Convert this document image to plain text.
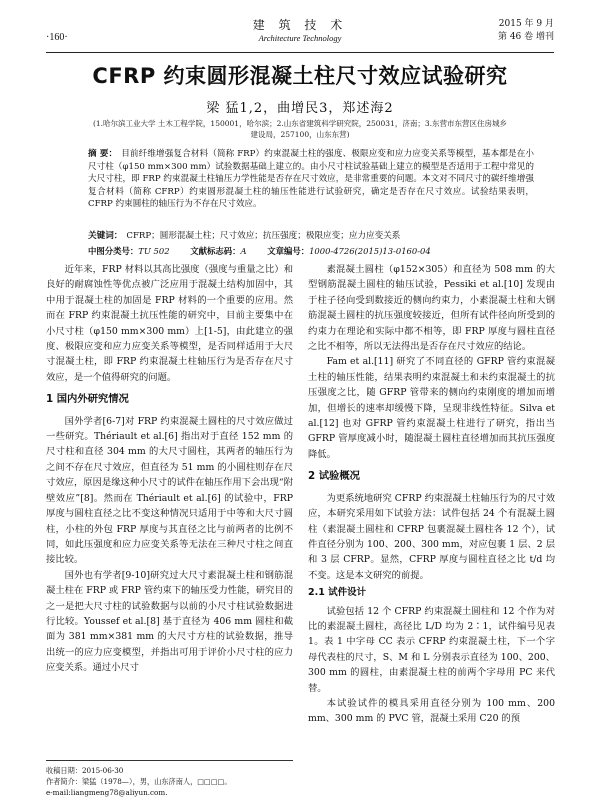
·160·
建 筑 技 术
Architecture Technology
2015 年 9 月
第 46 卷 增刊
CFRP 约束圆形混凝土柱尺寸效应试验研究
梁 猛1,2，曲增民3，郑述海2
(1.哈尔滨工业大学 土木工程学院，150001，哈尔滨；2.山东省建筑科学研究院，250031，济南；3.东营市东营区住房城乡建设局，257100，山东东营)
摘 要： 目前纤维增强复合材料（简称 FRP）约束混凝土柱的强度、极限应变和应力应变关系等模型，基本都是在小尺寸柱（φ150 mm×300 mm）试验数据基础上建立的。由小尺寸柱试验基础上建立的模型是否适用于工程中常见的大尺寸柱，即 FRP 约束混凝土柱轴压力学性能是否存在尺寸效应，是非常重要的问题。本文对不同尺寸的碳纤维增强复合材料（简称 CFRP）约束圆形混凝土柱的轴压性能进行试验研究，确定是否存在尺寸效应。试验结果表明，CFRP 约束圆柱的轴压行为不存在尺寸效应。
关键词： CFRP；圆形混凝土柱；尺寸效应；抗压强度；极限应变；应力应变关系
中图分类号：TU 502 文献标志码：A 文章编号：1000-4726(2015)13-0160-04

近年来，FRP 材料以其高比强度（强度与重量之比）和良好的耐腐蚀性等优点被广泛应用于混凝土结构加固中，其中用于混凝土柱的加固是 FRP 材料的一个重要的应用。然而在 FRP 约束混凝土抗压性能的研究中，目前主要集中在小尺寸柱（φ150 mm×300 mm）上[1-5]，由此建立的强度、极限应变和应力应变关系等模型，是否同样适用于大尺寸混凝土柱，即 FRP 约束混凝土柱轴压行为是否存在尺寸效应，是一个值得研究的问题。

1 国内外研究情况

国外学者[6-7]对 FRP 约束混凝土圆柱的尺寸效应做过一些研究。Thériault et al.[6] 指出对于直径 152 mm 的尺寸柱和直径 304 mm 的大尺寸圆柱，其两者的轴压行为之间不存在尺寸效应，但直径为 51 mm 的小圆柱则存在尺寸效应，原因是缘这种小尺寸的试件在轴压作用下会出现“附壁效应”[8]。然而在 Thériault et al.[6] 的试验中，FRP 厚度与圆柱直径之比不变这种情况只适用于中等和大尺寸圆柱，小柱的外包 FRP 厚度与其直径之比与前两者的比例不同，如此压强度和应力应变关系等无法在三种尺寸柱之间直接比较。

国外也有学者[9-10]研究过大尺寸素混凝土柱和钢筋混凝土柱在 FRP 或 FRP 管约束下的轴压受力性能，研究目的之一是把大尺寸柱的试验数据与以前的小尺寸柱试验数据进行比较。Youssef et al.[8] 基于直径为 406 mm 圆柱和截面为 381 mm×381 mm 的大尺寸方柱的试验数据，推导出统一的应力应变模型，并指出可用于评价小尺寸柱的应力应变关系。通过小尺寸

素混凝土圆柱（φ152×305）和直径为 508 mm 的大型钢筋混凝土圆柱的轴压试验，Pessiki et al.[10] 发现由于柱子径向受到数接近的侧向约束力，小素混凝土柱和大钢筋混凝土圆柱的抗压强度较接近，但所有试件径向所受到的约束力在理论和实际中都不相等，即 FRP 厚度与圆柱直径之比不相等，所以无法得出是否存在尺寸效应的结论。

Fam et al.[11] 研究了不同直径的 GFRP 管约束混凝土柱的轴压性能，结果表明约束混凝土和未约束混凝土的抗压强度之比，随 GFRP 管带来的侧向约束刚度的增加而增加，但增长的速率却缓慢下降，呈现非线性特征。Silva et al.[12] 也对 GFRP 管约束混凝土柱进行了研究，指出当 GFRP 管厚度减小时，随混凝土圆柱直径增加而其抗压强度降低。

2 试验概况

为更系统地研究 CFRP 约束混凝土柱轴压行为的尺寸效应，本研究采用如下试验方法：试件包括 24 个有混凝土圆柱（素混凝土圆柱和 CFRP 包裹混凝土圆柱各 12 个），试件直径分别为 100、200、300 mm，对应包裹 1 层、2 层和 3 层 CFRP。显然，CFRP 厚度与圆柱直径之比 t/d 均不变。这是本文研究的前提。

2.1 试件设计

试验包括 12 个 CFRP 约束混凝土圆柱和 12 个作为对比的素混凝土圆柱，高径比 L/D 均为 2∶1，试件编号见表 1。表 1 中字母 CC 表示 CFRP 约束混凝土柱，下一个字母代表柱的尺寸，S、M 和 L 分别表示直径为 100、200、300 mm 的圆柱，由素混凝土柱的前两个字母用 PC 来代替。

本试验试件的模具采用直径分别为 100 mm、200 mm、300 mm 的 PVC 管，混凝土采用 C20 的预

收稿日期：2015-06-30
作者简介：梁猛（1978—），男，山东济南人，□□□□。
e-mail:liangmeng78@aliyun.com.
